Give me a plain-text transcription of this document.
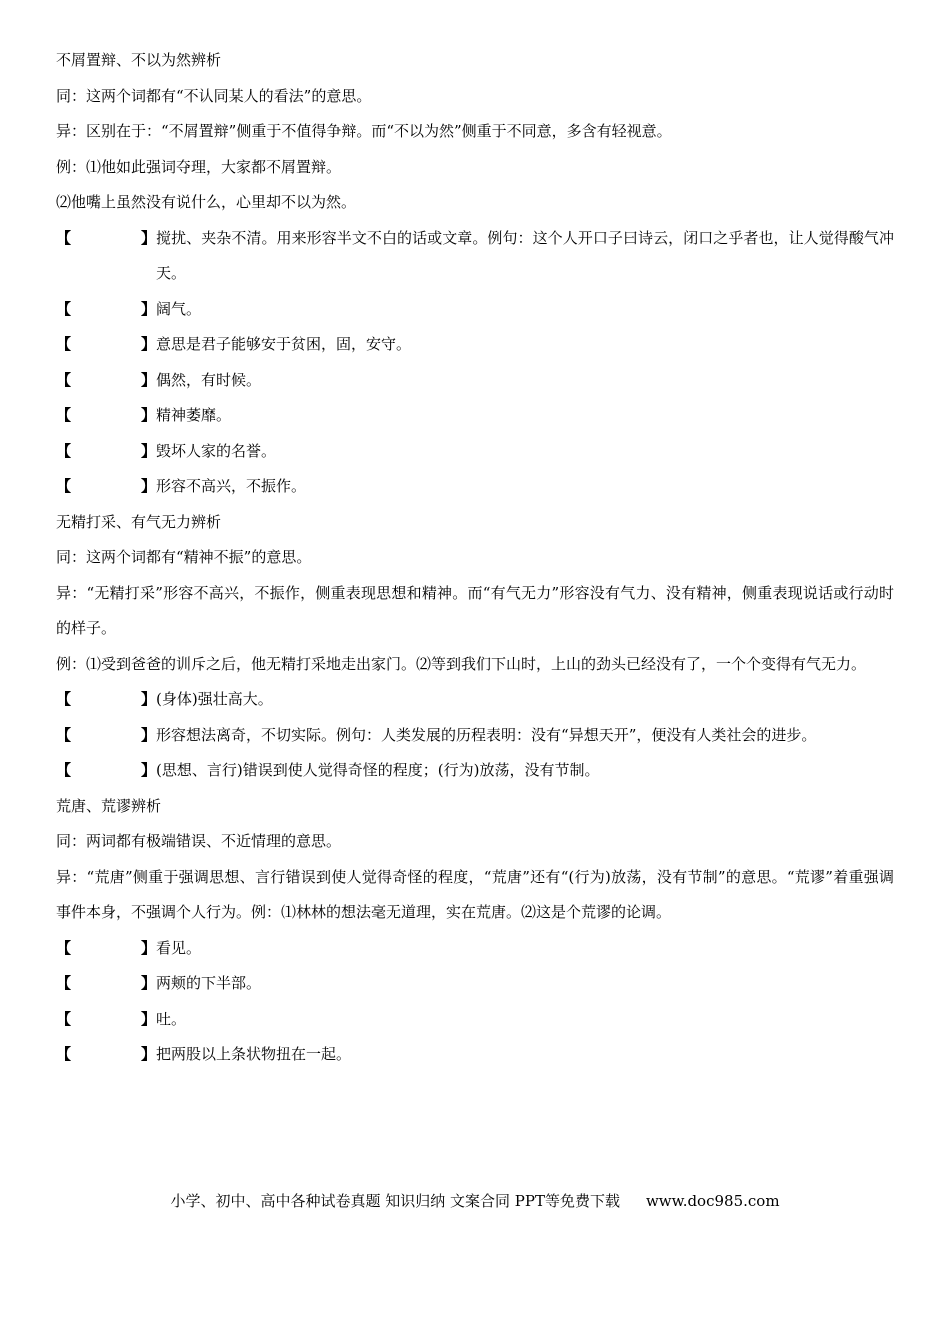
不屑置辩、不以为然辨析

同：这两个词都有“不认同某人的看法”的意思。

异：区别在于：“不屑置辩”侧重于不值得争辩。而“不以为然”侧重于不同意，多含有轻视意。

例：⑴他如此强词夺理，大家都不屑置辩。

⑵他嘴上虽然没有说什么，心里却不以为然。

【	】 搅扰、夹杂不清。用来形容半文不白的话或文章。例句：这个人开口子曰诗云，闭口之乎者也，让人觉得酸气冲天。
【	】 阔气。
【	】 意思是君子能够安于贫困，固，安守。
【	】 偶然，有时候。
【	】 精神萎靡。
【	】 毁坏人家的名誉。
【	】 形容不高兴，不振作。

无精打采、有气无力辨析

同：这两个词都有“精神不振”的意思。

异：“无精打采”形容不高兴，不振作，侧重表现思想和精神。而“有气无力”形容没有气力、没有精神，侧重表现说话或行动时的样子。

例：⑴受到爸爸的训斥之后，他无精打采地走出家门。⑵等到我们下山时，上山的劲头已经没有了，一个个变得有气无力。

【	】 (身体)强壮高大。
【	】 形容想法离奇，不切实际。例句：人类发展的历程表明：没有“异想天开”，便没有人类社会的进步。
【	】 (思想、言行)错误到使人觉得奇怪的程度；(行为)放荡，没有节制。

荒唐、荒谬辨析

同：两词都有极端错误、不近情理的意思。

异：“荒唐”侧重于强调思想、言行错误到使人觉得奇怪的程度，“荒唐”还有“(行为)放荡，没有节制”的意思。“荒谬”着重强调事件本身，不强调个人行为。例：⑴林林的想法毫无道理，实在荒唐。⑵这是个荒谬的论调。

【	】 看见。
【	】 两颊的下半部。
【	】 吐。
【	】 把两股以上条状物扭在一起。
小学、初中、高中各种试卷真题 知识归纳 文案合同 PPT等免费下载 www.doc985.com
